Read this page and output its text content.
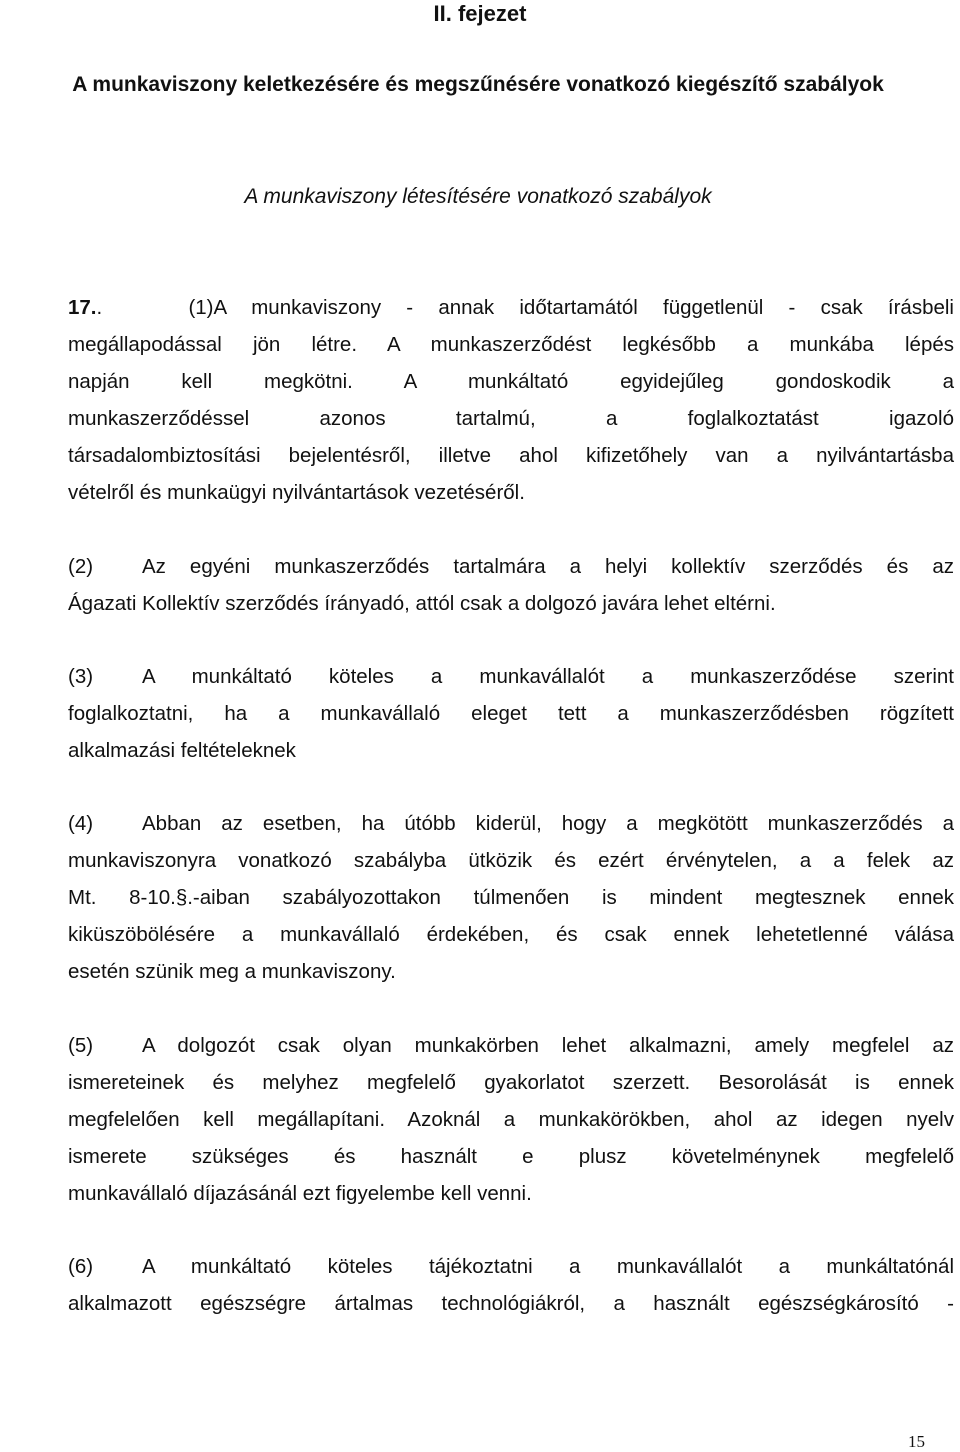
II. fejezet
A munkaviszony keletkezésére és megszűnésére vonatkozó kiegészítő szabályok
A munkaviszony létesítésére vonatkozó szabályok
17.. (1)A munkaviszony - annak időtartamától függetlenül - csak írásbeli
megállapodással jön létre. A munkaszerződést legkésőbb a munkába lépés
napján kell megkötni. A munkáltató egyidejűleg gondoskodik a
munkaszerződéssel azonos tartalmú, a foglalkoztatást igazoló
társadalombiztosítási bejelentésről, illetve ahol kifizetőhely van a nyilvántartásba
vételről és munkaügyi nyilvántartások vezetéséről.
(2) Az egyéni munkaszerződés tartalmára a helyi kollektív szerződés és az
Ágazati Kollektív szerződés írányadó, attól csak a dolgozó javára lehet eltérni.
(3) A munkáltató köteles a munkavállalót a munkaszerződése szerint
foglalkoztatni, ha a munkavállaló eleget tett a munkaszerződésben rögzített
alkalmazási feltételeknek
(4) Abban az esetben, ha útóbb kiderül, hogy a megkötött munkaszerződés a
munkaviszonyra vonatkozó szabályba ütközik és ezért érvénytelen, a a felek az
Mt. 8-10.§.-aiban szabályozottakon túlmenően is mindent megtesznek ennek
kiküszöbölésére a munkavállaló érdekében, és csak ennek lehetetlenné válása
esetén szünik meg a munkaviszony.
(5) A dolgozót csak olyan munkakörben lehet alkalmazni, amely megfelel az
ismereteinek és melyhez megfelelő gyakorlatot szerzett. Besorolását is ennek
megfelelően kell megállapítani. Azoknál a munkakörökben, ahol az idegen nyelv
ismerete szükséges és használt e plusz követelménynek megfelelő
munkavállaló díjazásánál ezt figyelembe kell venni.
(6) A munkáltató köteles tájékoztatni a munkavállalót a munkáltatónál
alkalmazott egészségre ártalmas technológiákról, a használt egészségkárosító -
15
